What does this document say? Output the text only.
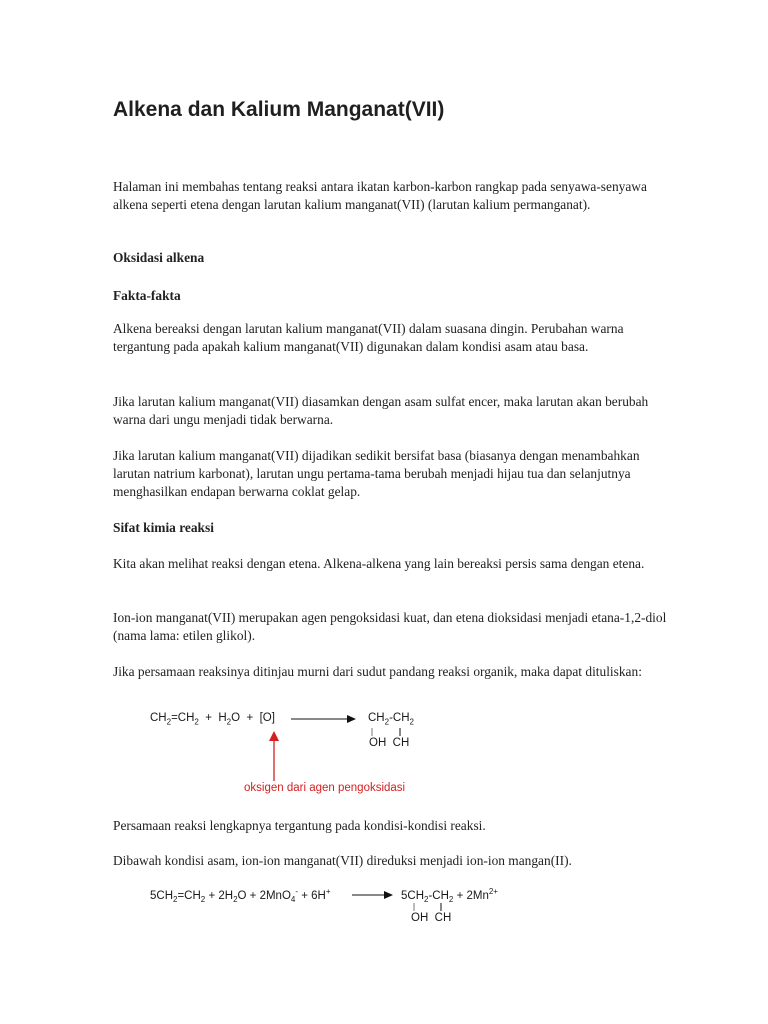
Alkena dan Kalium Manganat(VII)

Halaman ini membahas tentang reaksi antara ikatan karbon-karbon rangkap pada senyawa-senyawa alkena seperti etena dengan larutan kalium manganat(VII) (larutan kalium permanganat).

Oksidasi alkena

Fakta-fakta

Alkena bereaksi dengan larutan kalium manganat(VII) dalam suasana dingin. Perubahan warna tergantung pada apakah kalium manganat(VII) digunakan dalam kondisi asam atau basa.

Jika larutan kalium manganat(VII) diasamkan dengan asam sulfat encer, maka larutan akan berubah warna dari ungu menjadi tidak berwarna.

Jika larutan kalium manganat(VII) dijadikan sedikit bersifat basa (biasanya dengan menambahkan larutan natrium karbonat), larutan ungu pertama-tama berubah menjadi hijau tua dan selanjutnya menghasilkan endapan berwarna coklat gelap.

Sifat kimia reaksi

Kita akan melihat reaksi dengan etena. Alkena-alkena yang lain bereaksi persis sama dengan etena.

Ion-ion manganat(VII) merupakan agen pengoksidasi kuat, dan etena dioksidasi menjadi etana-1,2-diol (nama lama: etilen glikol).

Jika persamaan reaksinya ditinjau murni dari sudut pandang reaksi organik, maka dapat dituliskan:

$CH_2=CH_2 + H_2O + [O]$	$CH_2-CH_2$
OH CH
oksigen dari agen pengoksidasi

Persamaan reaksi lengkapnya tergantung pada kondisi-kondisi reaksi.

Dibawah kondisi asam, ion-ion manganat(VII) direduksi menjadi ion-ion mangan(II).

$5CH_2=CH_2 + 2H_2O + 2MnO_4^- + 6H^+ \to 5CH_2-CH_2 + 2Mn^{2+}$
OH CH
